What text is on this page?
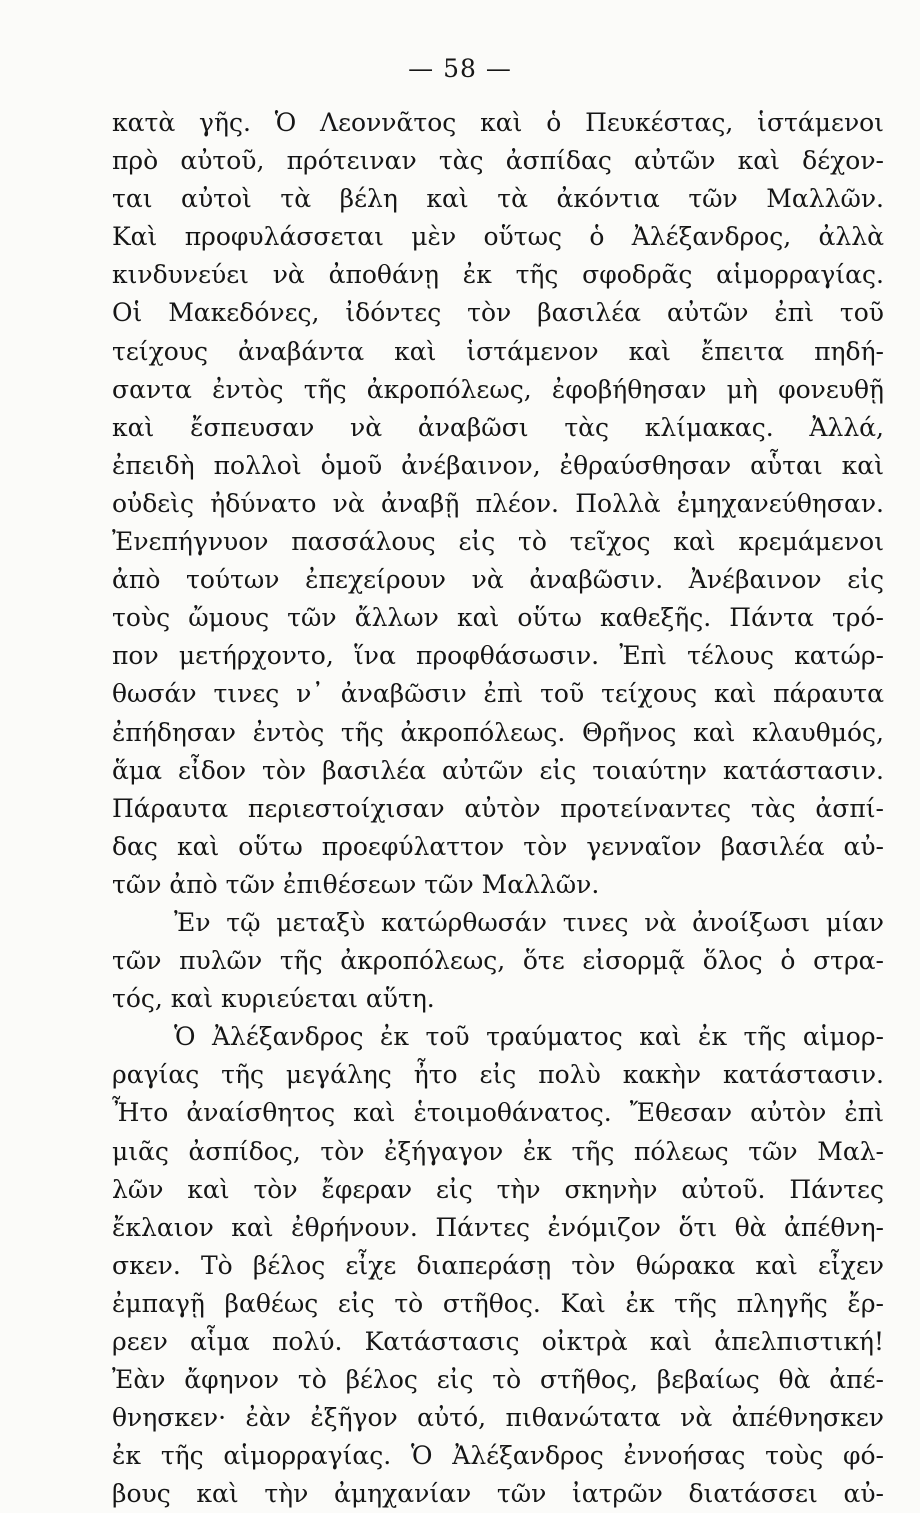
— 58 —
κατὰ γῆς. Ὁ Λεοννᾶτος καὶ ὁ Πευκέστας, ἱστάμενοι
πρὸ αὐτοῦ, πρότειναν τὰς ἀσπίδας αὐτῶν καὶ δέχον-
ται αὐτοὶ τὰ βέλη καὶ τὰ ἀκόντια τῶν Μαλλῶν.
Καὶ προφυλάσσεται μὲν οὕτως ὁ Ἀλέξανδρος, ἀλλὰ
κινδυνεύει νὰ ἀποθάνῃ ἐκ τῆς σφοδρᾶς αἱμορραγίας.
Οἱ Μακεδόνες, ἰδόντες τὸν βασιλέα αὐτῶν ἐπὶ τοῦ
τείχους ἀναβάντα καὶ ἱστάμενον καὶ ἔπειτα πηδή-
σαντα ἐντὸς τῆς ἀκροπόλεως, ἐφοβήθησαν μὴ φονευθῇ
καὶ ἔσπευσαν νὰ ἀναβῶσι τὰς κλίμακας. Ἀλλά,
ἐπειδὴ πολλοὶ ὁμοῦ ἀνέβαινον, ἐθραύσθησαν αὗται καὶ
οὐδεὶς ἠδύνατο νὰ ἀναβῇ πλέον. Πολλὰ ἐμηχανεύθησαν.
Ἐνεπήγνυον πασσάλους εἰς τὸ τεῖχος καὶ κρεμάμενοι
ἀπὸ τούτων ἐπεχείρουν νὰ ἀναβῶσιν. Ἀνέβαινον εἰς
τοὺς ὤμους τῶν ἄλλων καὶ οὕτω καθεξῆς. Πάντα τρό-
πον μετήρχοντο, ἵνα προφθάσωσιν. Ἐπὶ τέλους κατώρ-
θωσάν τινες ν᾽ ἀναβῶσιν ἐπὶ τοῦ τείχους καὶ πάραυτα
ἐπήδησαν ἐντὸς τῆς ἀκροπόλεως. Θρῆνος καὶ κλαυθμός,
ἅμα εἶδον τὸν βασιλέα αὐτῶν εἰς τοιαύτην κατάστασιν.
Πάραυτα περιεστοίχισαν αὐτὸν προτείναντες τὰς ἀσπί-
δας καὶ οὕτω προεφύλαττον τὸν γενναῖον βασιλέα αὐ-
τῶν ἀπὸ τῶν ἐπιθέσεων τῶν Μαλλῶν.
Ἐν τῷ μεταξὺ κατώρθωσάν τινες νὰ ἀνοίξωσι μίαν
τῶν πυλῶν τῆς ἀκροπόλεως, ὅτε εἰσορμᾷ ὅλος ὁ στρα-
τός, καὶ κυριεύεται αὕτη.
Ὁ Ἀλέξανδρος ἐκ τοῦ τραύματος καὶ ἐκ τῆς αἱμορ-
ραγίας τῆς μεγάλης ἦτο εἰς πολὺ κακὴν κατάστασιν.
Ἦτο ἀναίσθητος καὶ ἑτοιμοθάνατος. Ἔθεσαν αὐτὸν ἐπὶ
μιᾶς ἀσπίδος, τὸν ἐξήγαγον ἐκ τῆς πόλεως τῶν Μαλ-
λῶν καὶ τὸν ἔφεραν εἰς τὴν σκηνὴν αὐτοῦ. Πάντες
ἔκλαιον καὶ ἐθρήνουν. Πάντες ἐνόμιζον ὅτι θὰ ἀπέθνη-
σκεν. Τὸ βέλος εἶχε διαπεράσῃ τὸν θώρακα καὶ εἶχεν
ἐμπαγῇ βαθέως εἰς τὸ στῆθος. Καὶ ἐκ τῆς πληγῆς ἔρ-
ρεεν αἷμα πολύ. Κατάστασις οἰκτρὰ καὶ ἀπελπιστική!
Ἐὰν ἄφηνον τὸ βέλος εἰς τὸ στῆθος, βεβαίως θὰ ἀπέ-
θνησκεν· ἐὰν ἐξῆγον αὐτό, πιθανώτατα νὰ ἀπέθνησκεν
ἐκ τῆς αἱμορραγίας. Ὁ Ἀλέξανδρος ἐννοήσας τοὺς φό-
βους καὶ τὴν ἀμηχανίαν τῶν ἰατρῶν διατάσσει αὐ-
